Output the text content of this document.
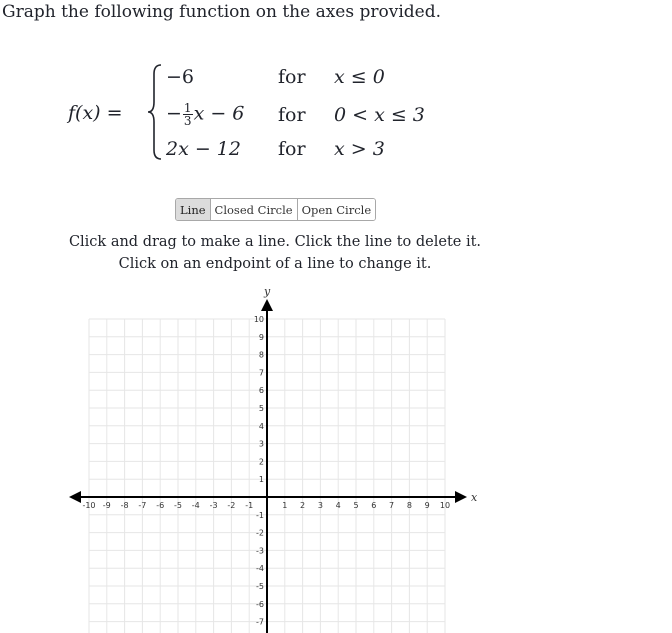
Graph the following function on the axes provided.

f(x) =
−6	for x ≤ 0
− $\frac{1}{3}$ x − 6 for 0 < x ≤ 3
2x − 12 for x > 3
Line Closed Circle Open Circle

Click and drag to make a line. Click the line to delete it.

Click on an endpoint of a line to change it.

x
y
-10 -9 -8 -7 -6 -5 -4 -3 -2 -1	1 2 3 4 5 6 7 8 9 10
10
9
8
7
6
5
4
3
2
1
-1
-2
-3
-4
-5
-6
-7
